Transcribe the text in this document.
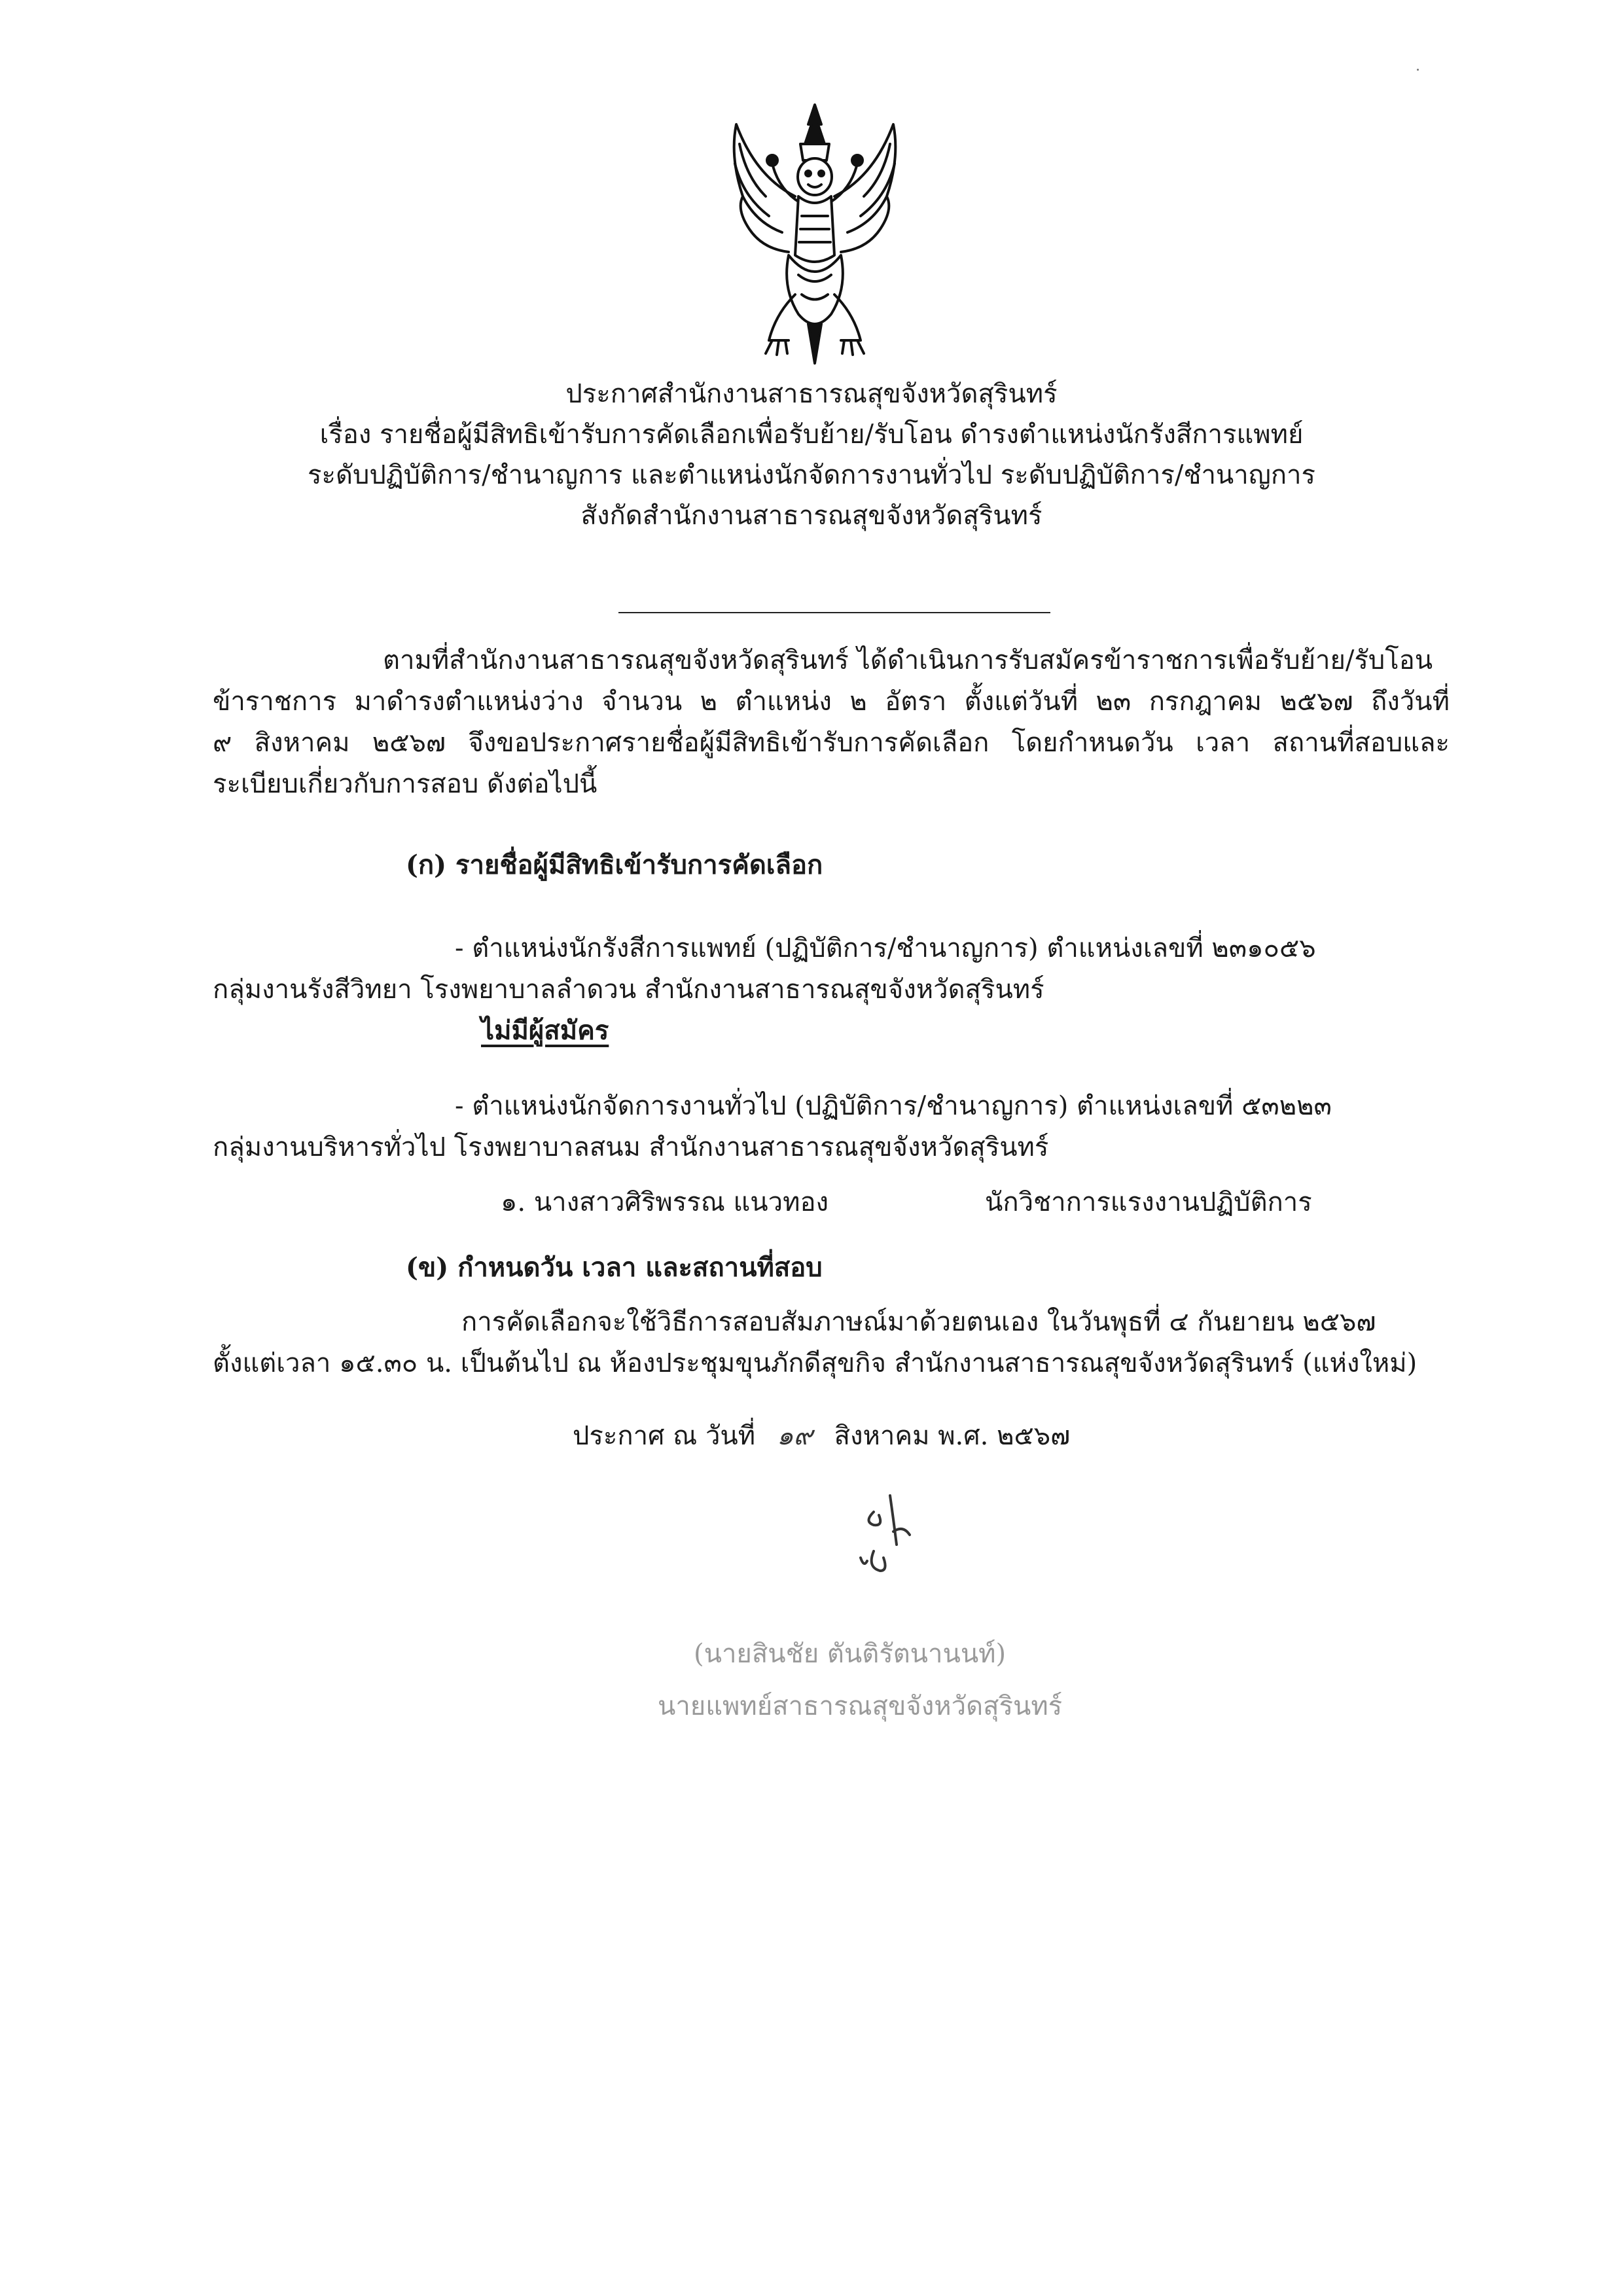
ประกาศสำนักงานสาธารณสุขจังหวัดสุรินทร์
เรื่อง รายชื่อผู้มีสิทธิเข้ารับการคัดเลือกเพื่อรับย้าย/รับโอน ดำรงตำแหน่งนักรังสีการแพทย์
ระดับปฏิบัติการ/ชำนาญการ และตำแหน่งนักจัดการงานทั่วไป ระดับปฏิบัติการ/ชำนาญการ
สังกัดสำนักงานสาธารณสุขจังหวัดสุรินทร์
ตามที่สำนักงานสาธารณสุขจังหวัดสุรินทร์ ได้ดำเนินการรับสมัครข้าราชการเพื่อรับย้าย/รับโอน
ข้าราชการ มาดำรงตำแหน่งว่าง จำนวน ๒ ตำแหน่ง ๒ อัตรา ตั้งแต่วันที่ ๒๓ กรกฎาคม ๒๕๖๗ ถึงวันที่
๙ สิงหาคม ๒๕๖๗ จึงขอประกาศรายชื่อผู้มีสิทธิเข้ารับการคัดเลือก โดยกำหนดวัน เวลา สถานที่สอบและ
ระเบียบเกี่ยวกับการสอบ ดังต่อไปนี้
(ก) รายชื่อผู้มีสิทธิเข้ารับการคัดเลือก
- ตำแหน่งนักรังสีการแพทย์ (ปฏิบัติการ/ชำนาญการ) ตำแหน่งเลขที่ ๒๓๑๐๕๖
กลุ่มงานรังสีวิทยา โรงพยาบาลลำดวน สำนักงานสาธารณสุขจังหวัดสุรินทร์
ไม่มีผู้สมัคร
- ตำแหน่งนักจัดการงานทั่วไป (ปฏิบัติการ/ชำนาญการ) ตำแหน่งเลขที่ ๕๓๒๒๓
กลุ่มงานบริหารทั่วไป โรงพยาบาลสนม สำนักงานสาธารณสุขจังหวัดสุรินทร์
๑. นางสาวศิริพรรณ แนวทอง	นักวิชาการแรงงานปฏิบัติการ
(ข) กำหนดวัน เวลา และสถานที่สอบ
การคัดเลือกจะใช้วิธีการสอบสัมภาษณ์มาด้วยตนเอง ในวันพุธที่ ๔ กันยายน ๒๕๖๗
ตั้งแต่เวลา ๑๕.๓๐ น. เป็นต้นไป ณ ห้องประชุมขุนภักดีสุขกิจ สำนักงานสาธารณสุขจังหวัดสุรินทร์ (แห่งใหม่)
ประกาศ ณ วันที่ ๑๙ สิงหาคม พ.ศ. ๒๕๖๗
(นายสินชัย ตันติรัตนานนท์)
นายแพทย์สาธารณสุขจังหวัดสุรินทร์
